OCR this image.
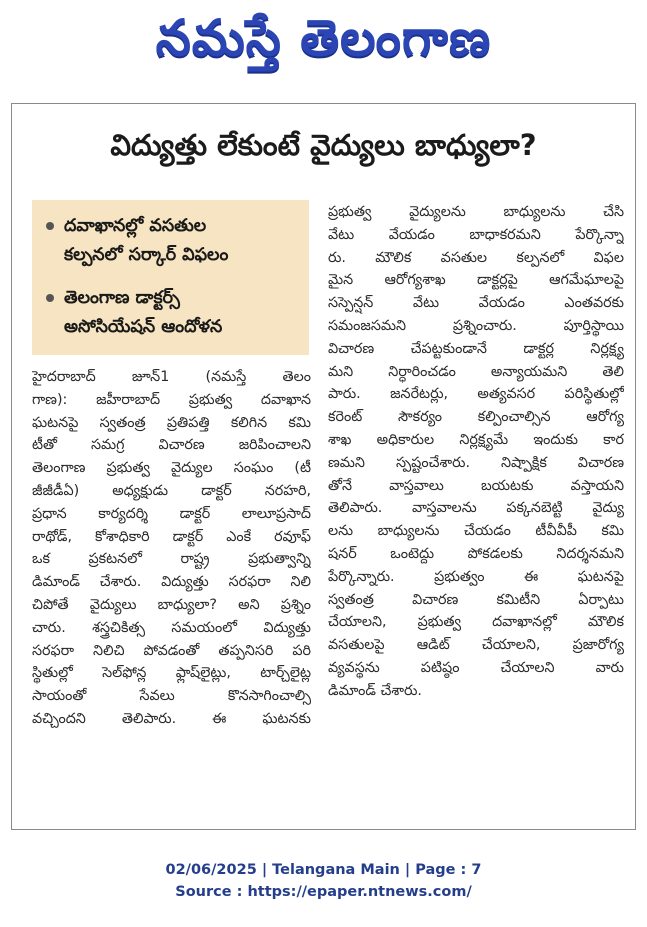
నమస్తే తెలంగాణ
విద్యుత్తు లేకుంటే వైద్యులు బాధ్యులా?
దవాఖానల్లో వసతుల
కల్పనలో సర్కార్‌ విఫలం
తెలంగాణ డాక్టర్స్‌
అసోసియేషన్‌ ఆందోళన
హైదరాబాద్‌ జూన్‌1 (నమస్తే తెలం
గాణ): జహీరాబాద్‌ ప్రభుత్వ దవాఖాన
ఘటనపై స్వతంత్ర ప్రతిపత్తి కలిగిన కమి
టీతో సమగ్ర విచారణ జరిపించాలని
తెలంగాణ ప్రభుత్వ వైద్యుల సంఘం (టీ
జీజీడీఏ) అధ్యక్షుడు డాక్టర్‌ నరహరి,
ప్రధాన కార్యదర్శి డాక్టర్‌ లాలూప్రసాద్‌
రాథోడ్‌, కోశాధికారి డాక్టర్‌ ఎంకే రవూఫ్‌
ఒక ప్రకటనలో రాష్ట్ర ప్రభుత్వాన్ని
డిమాండ్‌ చేశారు. విద్యుత్తు సరఫరా నిలి
చిపోతే వైద్యులు బాధ్యులా? అని ప్రశ్నిం
చారు. శస్త్రచికిత్స సమయంలో విద్యుత్తు
సరఫరా నిలిచి పోవడంతో తప్పనిసరి పరి
స్థితుల్లో సెల్‌ఫోన్ల ఫ్లాష్‌లైట్లు, టార్చ్‌లైట్ల
సాయంతో సేవలు కొనసాగించాల్సి
వచ్చిందని తెలిపారు. ఈ ఘటనకు
ప్రభుత్వ వైద్యులను బాధ్యులను చేసి
వేటు వేయడం బాధాకరమని పేర్కొన్నా
రు. మౌలిక వసతుల కల్పనలో విఫల
మైన ఆరోగ్యశాఖ డాక్టర్లపై ఆగమేఘాలపై
సస్పెన్షన్‌ వేటు వేయడం ఎంతవరకు
సమంజసమని ప్రశ్నించారు. పూర్తిస్థాయి
విచారణ చేపట్టకుండానే డాక్టర్ల నిర్లక్ష్య
మని నిర్ధారించడం అన్యాయమని తెలి
పారు. జనరేటర్లు, అత్యవసర పరిస్థితుల్లో
కరెంట్‌ సౌకర్యం కల్పించాల్సిన ఆరోగ్య
శాఖ అధికారుల నిర్లక్ష్యమే ఇందుకు కార
ణమని స్పష్టంచేశారు. నిష్పాక్షిక విచారణ
తోనే వాస్తవాలు బయటకు వస్తాయని
తెలిపారు. వాస్తవాలను పక్కనబెట్టి వైద్యు
లను బాధ్యులను చేయడం టీవీవీపీ కమి
షనర్‌ ఒంటెద్దు పోకడలకు నిదర్శనమని
పేర్కొన్నారు. ప్రభుత్వం ఈ ఘటనపై
స్వతంత్ర విచారణ కమిటీని ఏర్పాటు
చేయాలని, ప్రభుత్వ దవాఖానల్లో మౌలిక
వసతులపై ఆడిట్‌ చేయాలని, ప్రజారోగ్య
వ్యవస్థను పటిష్ఠం చేయాలని వారు
డిమాండ్‌ చేశారు.
02/06/2025 | Telangana Main | Page : 7
Source : https://epaper.ntnews.com/
